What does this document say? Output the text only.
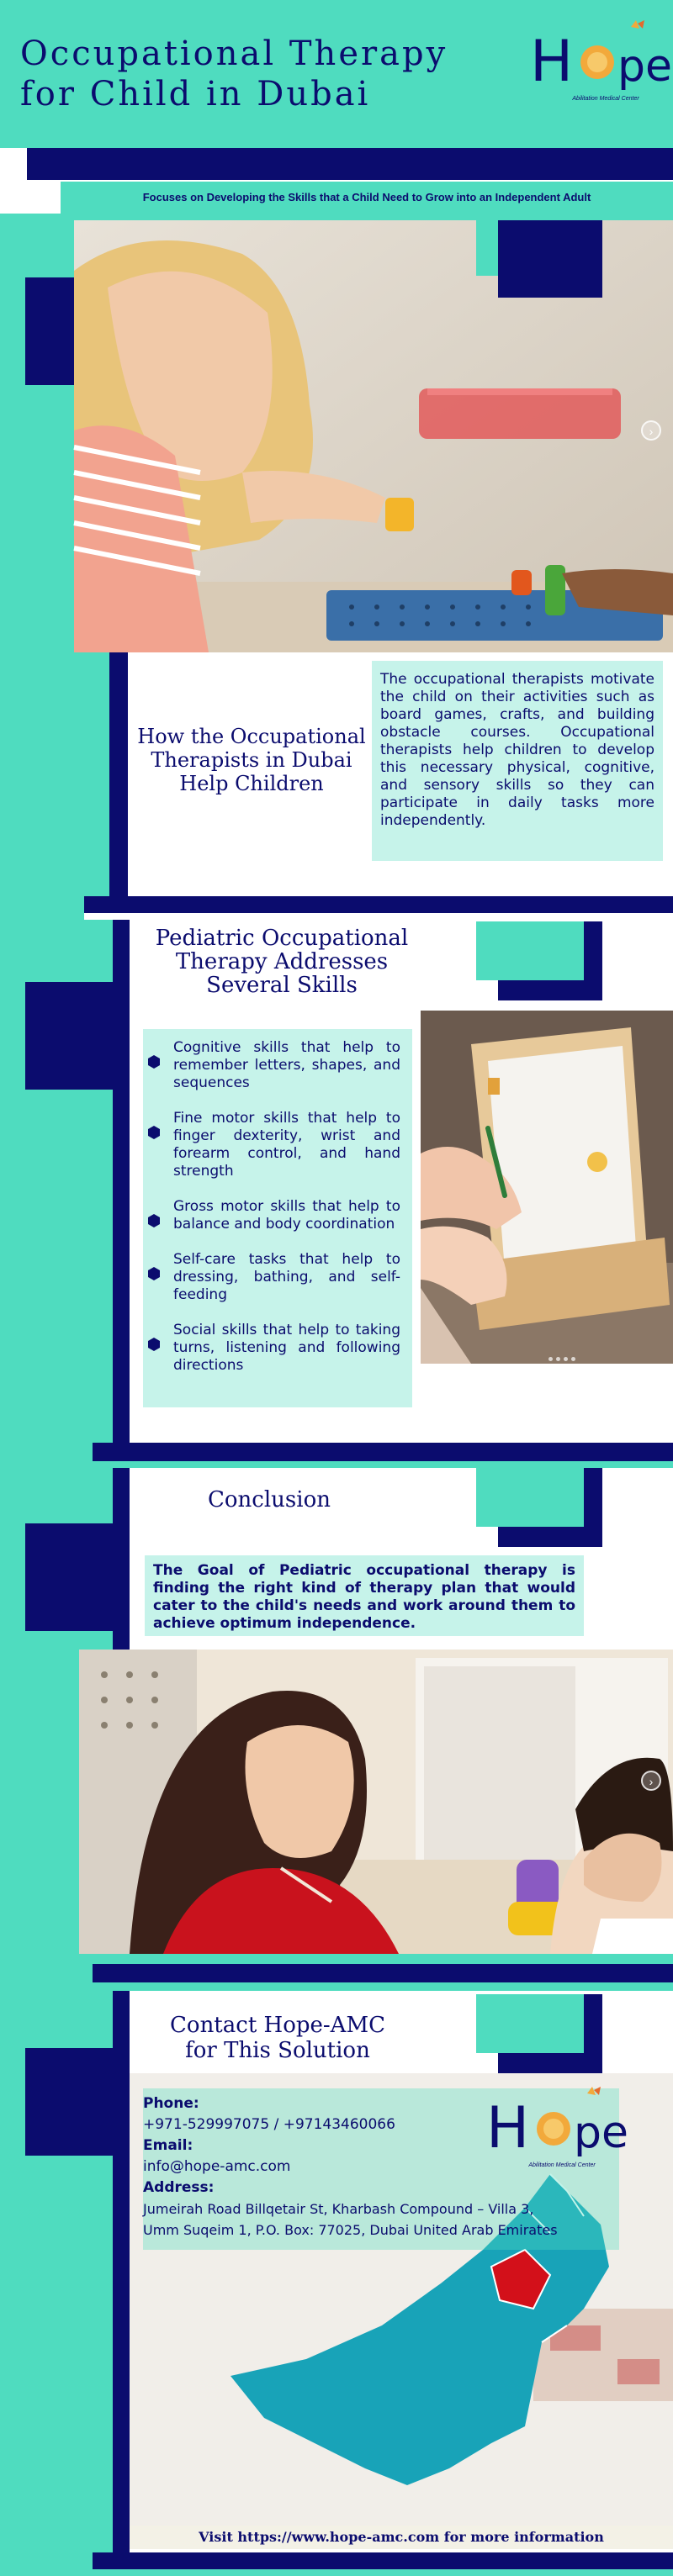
Occupational Therapy
for Child in Dubai	H pe
Abilitation Medical Center
Focuses on Developing the Skills that a Child Need to Grow into an Independent Adult
›
How the Occupational Therapists in Dubai Help Children
The occupational therapists motivate the child on their activities such as board games, crafts, and building obstacle courses. Occupational therapists help children to develop this necessary physical, cognitive, and sensory skills so they can participate in daily tasks more independently.
Pediatric Occupational Therapy Addresses Several Skills
Cognitive skills that help to remember letters, shapes, and sequences
Fine motor skills that help to finger dexterity, wrist and forearm control, and hand strength
Gross motor skills that help to balance and body coordination
Self-care tasks that help to dressing, bathing, and self-feeding
Social skills that help to taking turns, listening and following directions
Conclusion
The Goal of Pediatric occupational therapy is finding the right kind of therapy plan that would cater to the child's needs and work around them to achieve optimum independence.
›
Contact Hope-AMC for This Solution
Phone:
+971-529997075 / +97143460066
Email:
info@hope-amc.com
Address:
Jumeirah Road Billqetair St, Kharbash Compound – Villa 3,
Umm Suqeim 1, P.O. Box: 77025, Dubai United Arab Emirates
H pe
Abilitation Medical Center
Visit https://www.hope-amc.com for more information
